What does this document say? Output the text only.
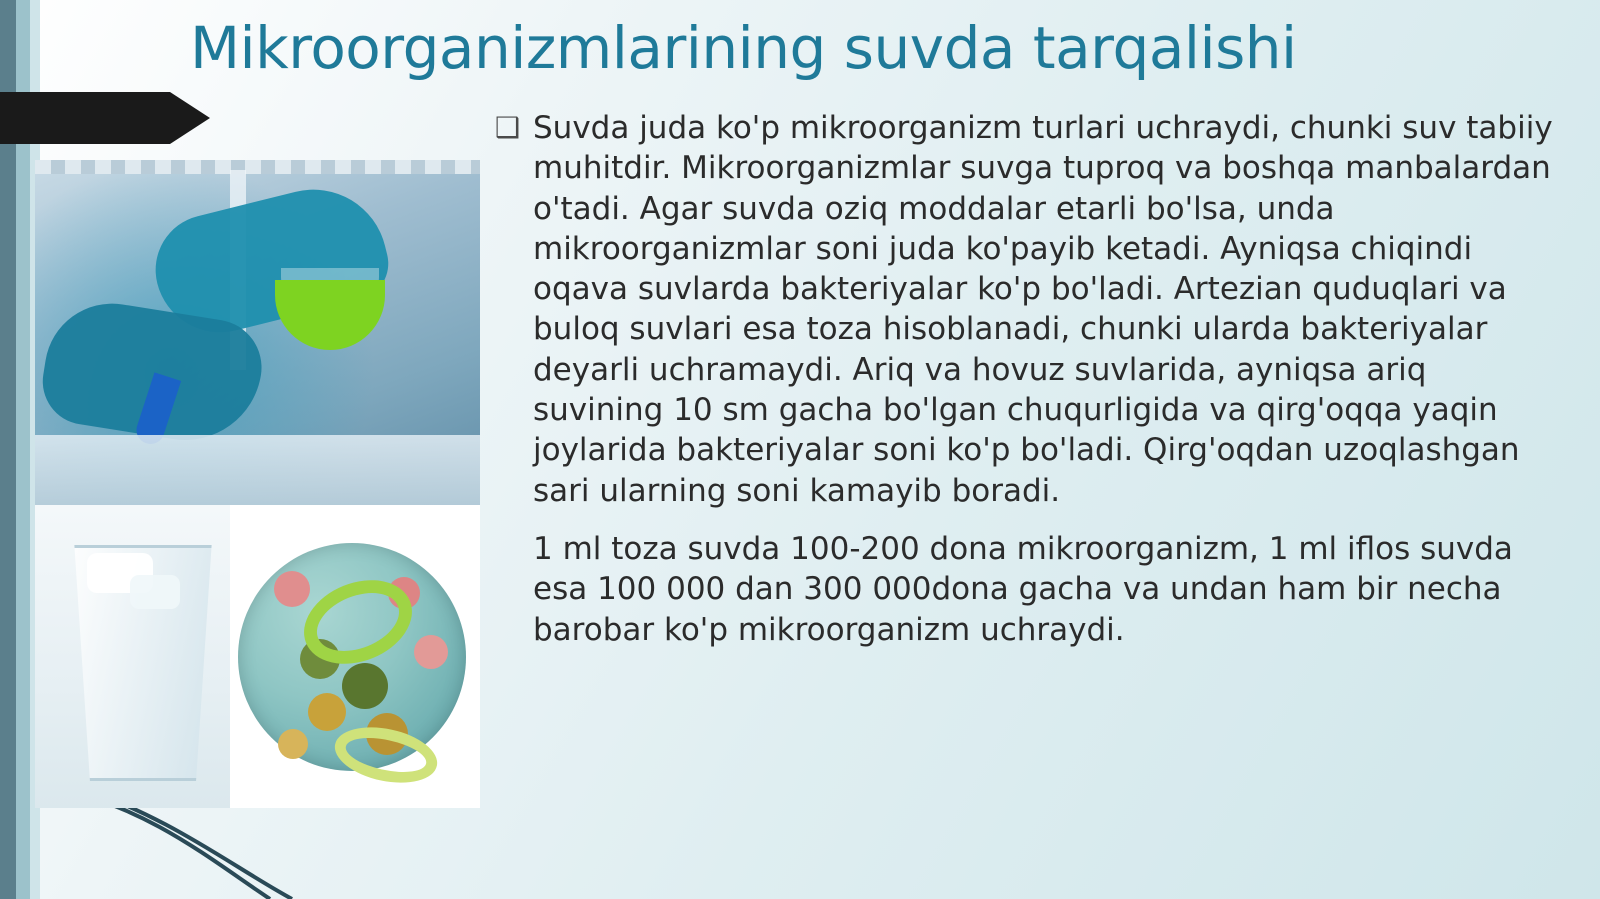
Mikroorganizmlarining suvda tarqalishi

❑ Suvda juda ko'p mikroorganizm turlari uchraydi, chunki suv tabiiy muhitdir. Mikroorganizmlar suvga tuproq va boshqa manbalardan o'tadi. Agar suvda oziq moddalar etarli bo'lsa, unda mikroorganizmlar soni juda ko'payib ketadi. Ayniqsa chiqindi oqava suvlarda bakteriyalar ko'p bo'ladi. Artezian quduqlari va buloq suvlari esa toza hisoblanadi, chunki ularda bakteriyalar deyarli uchramaydi. Ariq va hovuz suvlarida, ayniqsa ariq suvining 10 sm gacha bo'lgan chuqurligida va qirg'oqqa yaqin joylarida bakteriyalar soni ko'p bo'ladi. Qirg'oqdan uzoqlashgan sari ularning soni kamayib boradi.

1 ml toza suvda 100-200 dona mikroorganizm, 1 ml iflos suvda esa 100 000 dan 300 000dona gacha va undan ham bir necha barobar ko'p mikroorganizm uchraydi.
